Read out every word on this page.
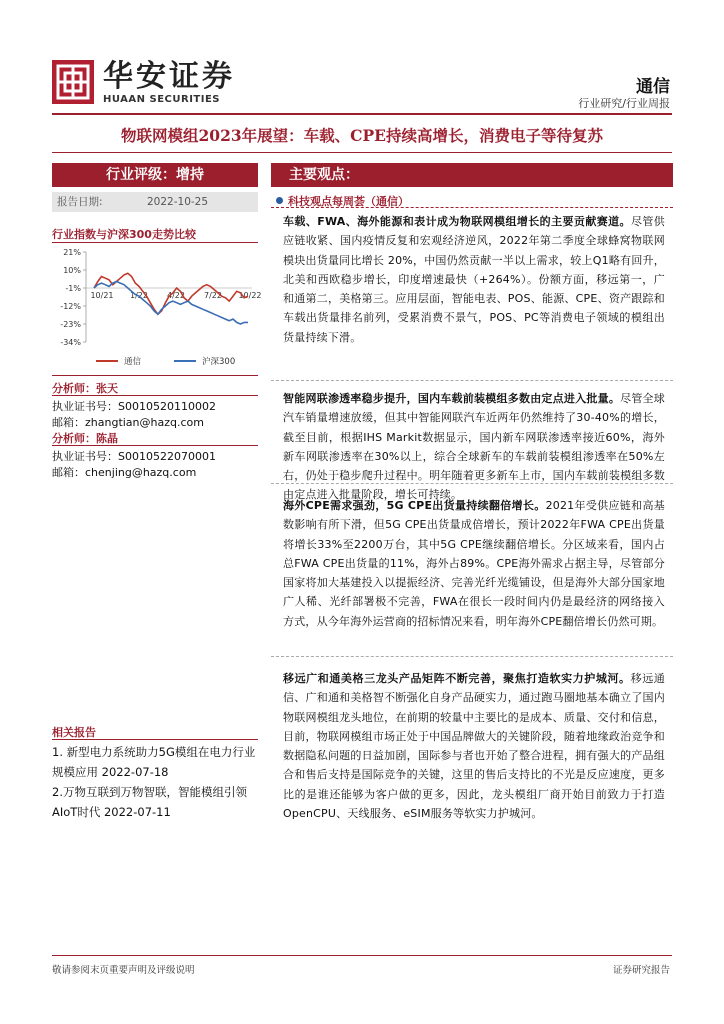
华安证券
HUAAN SECURITIES
通信
行业研究/行业周报
物联网模组2023年展望：车载、CPE持续高增长，消费电子等待复苏
行业评级：增持
报告日期:	2022-10-25
行业指数与沪深300走势比较
21%
10%
-1%
-12%
-23%
-34%
10/21 1/22 4/22 7/22 10/22
通信	沪深300
分析师：张天
执业证书号：S0010520110002
邮箱：zhangtian@hazq.com
分析师：陈晶
执业证书号：S0010522070001
邮箱：chenjing@hazq.com
相关报告
1. 新型电力系统助力5G模组在电力行业规模应用 2022-07-18
2.万物互联到万物智联，智能模组引领AIoT时代 2022-07-11
主要观点：
科技观点每周荟（通信）
车载、FWA、海外能源和表计成为物联网模组增长的主要贡献赛道。尽管供应链收紧、国内疫情反复和宏观经济逆风，2022年第二季度全球蜂窝物联网模块出货量同比增长 20%，中国仍然贡献一半以上需求，较上Q1略有回升，北美和西欧稳步增长，印度增速最快（+264%）。份额方面，移远第一，广和通第二，美格第三。应用层面，智能电表、POS、能源、CPE、资产跟踪和车载出货量排名前列，受累消费不景气，POS、PC等消费电子领域的模组出货量持续下滑。
智能网联渗透率稳步提升，国内车载前装模组多数由定点进入批量。尽管全球汽车销量增速放缓，但其中智能网联汽车近两年仍然维持了30-40%的增长，截至目前，根据IHS Markit数据显示，国内新车网联渗透率接近60%，海外新车网联渗透率在30%以上，综合全球新车的车载前装模组渗透率在50%左右，仍处于稳步爬升过程中。明年随着更多新车上市，国内车载前装模组多数由定点进入批量阶段，增长可持续。
海外CPE需求强劲，5G CPE出货量持续翻倍增长。2021年受供应链和高基数影响有所下滑，但5G CPE出货量成倍增长，预计2022年FWA CPE出货量将增长33%至2200万台，其中5G CPE继续翻倍增长。分区域来看，国内占总FWA CPE出货量的11%，海外占89%。CPE海外需求占据主导，尽管部分国家将加大基建投入以提振经济、完善光纤光缆铺设，但是海外大部分国家地广人稀、光纤部署极不完善，FWA在很长一段时间内仍是最经济的网络接入方式，从今年海外运营商的招标情况来看，明年海外CPE翻倍增长仍然可期。
移远广和通美格三龙头产品矩阵不断完善，聚焦打造软实力护城河。移远通信、广和通和美格智不断强化自身产品硬实力，通过跑马圈地基本确立了国内物联网模组龙头地位，在前期的较量中主要比的是成本、质量、交付和信息，目前，物联网模组市场正处于中国品牌做大的关键阶段，随着地缘政治竞争和数据隐私问题的日益加剧，国际参与者也开始了整合进程，拥有强大的产品组合和售后支持是国际竞争的关键，这里的售后支持比的不光是反应速度，更多比的是谁还能够为客户做的更多，因此，龙头模组厂商开始目前致力于打造OpenCPU、天线服务、eSIM服务等软实力护城河。
敬请参阅末页重要声明及评级说明	证券研究报告
